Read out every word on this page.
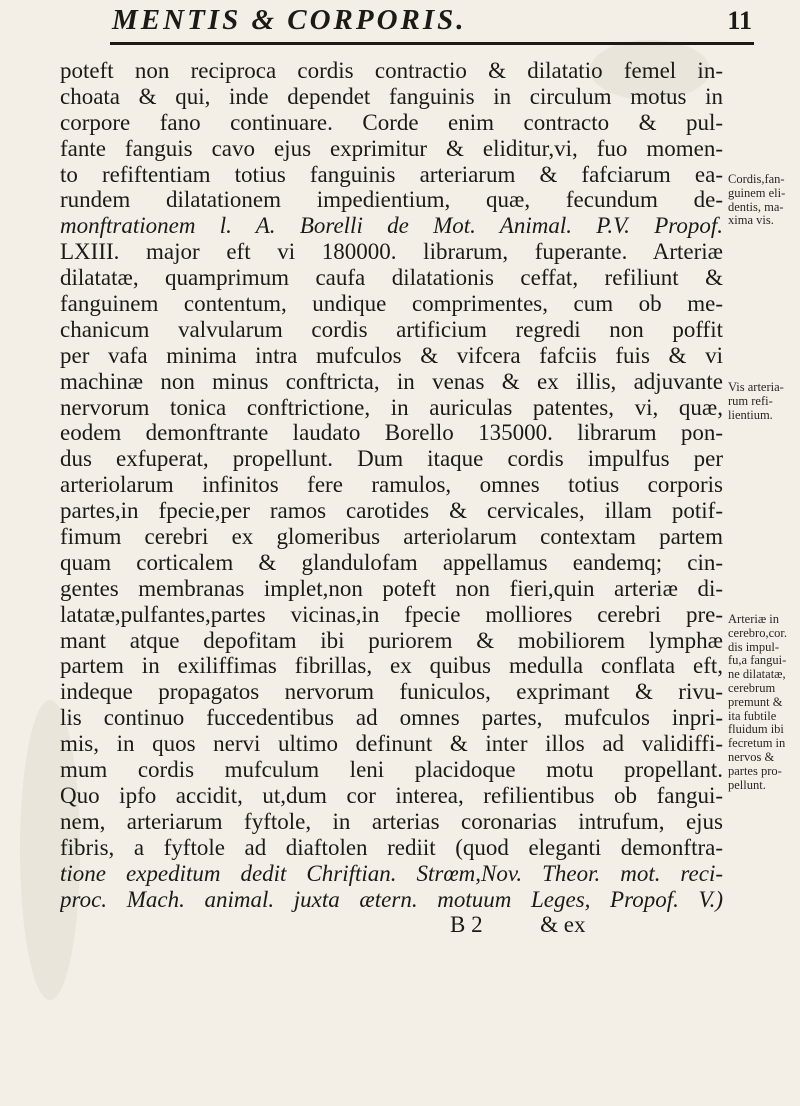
MENTIS & CORPORIS.	11
poteft non reciproca cordis contractio & dilatatio femel in-
choata & qui, inde dependet fanguinis in circulum motus in
corpore fano continuare. Corde enim contracto & pul-
fante fanguis cavo ejus exprimitur & eliditur,vi, fuo momen-
to refiftentiam totius fanguinis arteriarum & fafciarum ea-
rundem dilatationem impedientium, quæ, fecundum de-
monftrationem l. A. Borelli de Mot. Animal. P.V. Propof.
LXIII. major eft vi 180000. librarum, fuperante. Arteriæ
dilatatæ, quamprimum caufa dilatationis ceffat, refiliunt &
fanguinem contentum, undique comprimentes, cum ob me-
chanicum valvularum cordis artificium regredi non poffit
per vafa minima intra mufculos & vifcera fafciis fuis & vi
machinæ non minus conftricta, in venas & ex illis, adjuvante
nervorum tonica conftrictione, in auriculas patentes, vi, quæ,
eodem demonftrante laudato Borello 135000. librarum pon-
dus exfuperat, propellunt. Dum itaque cordis impulfus per
arteriolarum infinitos fere ramulos, omnes totius corporis
partes,in fpecie,per ramos carotides & cervicales, illam potif-
fimum cerebri ex glomeribus arteriolarum contextam partem
quam corticalem & glandulofam appellamus eandemq; cin-
gentes membranas implet,non poteft non fieri,quin arteriæ di-
latatæ,pulfantes,partes vicinas,in fpecie molliores cerebri pre-
mant atque depofitam ibi puriorem & mobiliorem lymphæ
partem in exiliffimas fibrillas, ex quibus medulla conflata eft,
indeque propagatos nervorum funiculos, exprimant & rivu-
lis continuo fuccedentibus ad omnes partes, mufculos inpri-
mis, in quos nervi ultimo definunt & inter illos ad validiffi-
mum cordis mufculum leni placidoque motu propellant.
Quo ipfo accidit, ut,dum cor interea, refilientibus ob fangui-
nem, arteriarum fyftole, in arterias coronarias intrufum, ejus
fibris, a fyftole ad diaftolen rediit (quod eleganti demonftra-
tione expeditum dedit Chriftian. Strœm,Nov. Theor. mot. reci-
proc. Mach. animal. juxta ætern. motuum Leges, Propof. V.)
B 2          & ex
Cordis,fan-
guinem eli-
dentis, ma-
xima vis.
Vis arteria-
rum refi-
lientium.
Arteriæ in
cerebro,cor.
dis impul-
fu,a fangui-
ne dilatatæ,
cerebrum
premunt &
ita fubtile
fluidum ibi
fecretum in
nervos &
partes pro-
pellunt.
